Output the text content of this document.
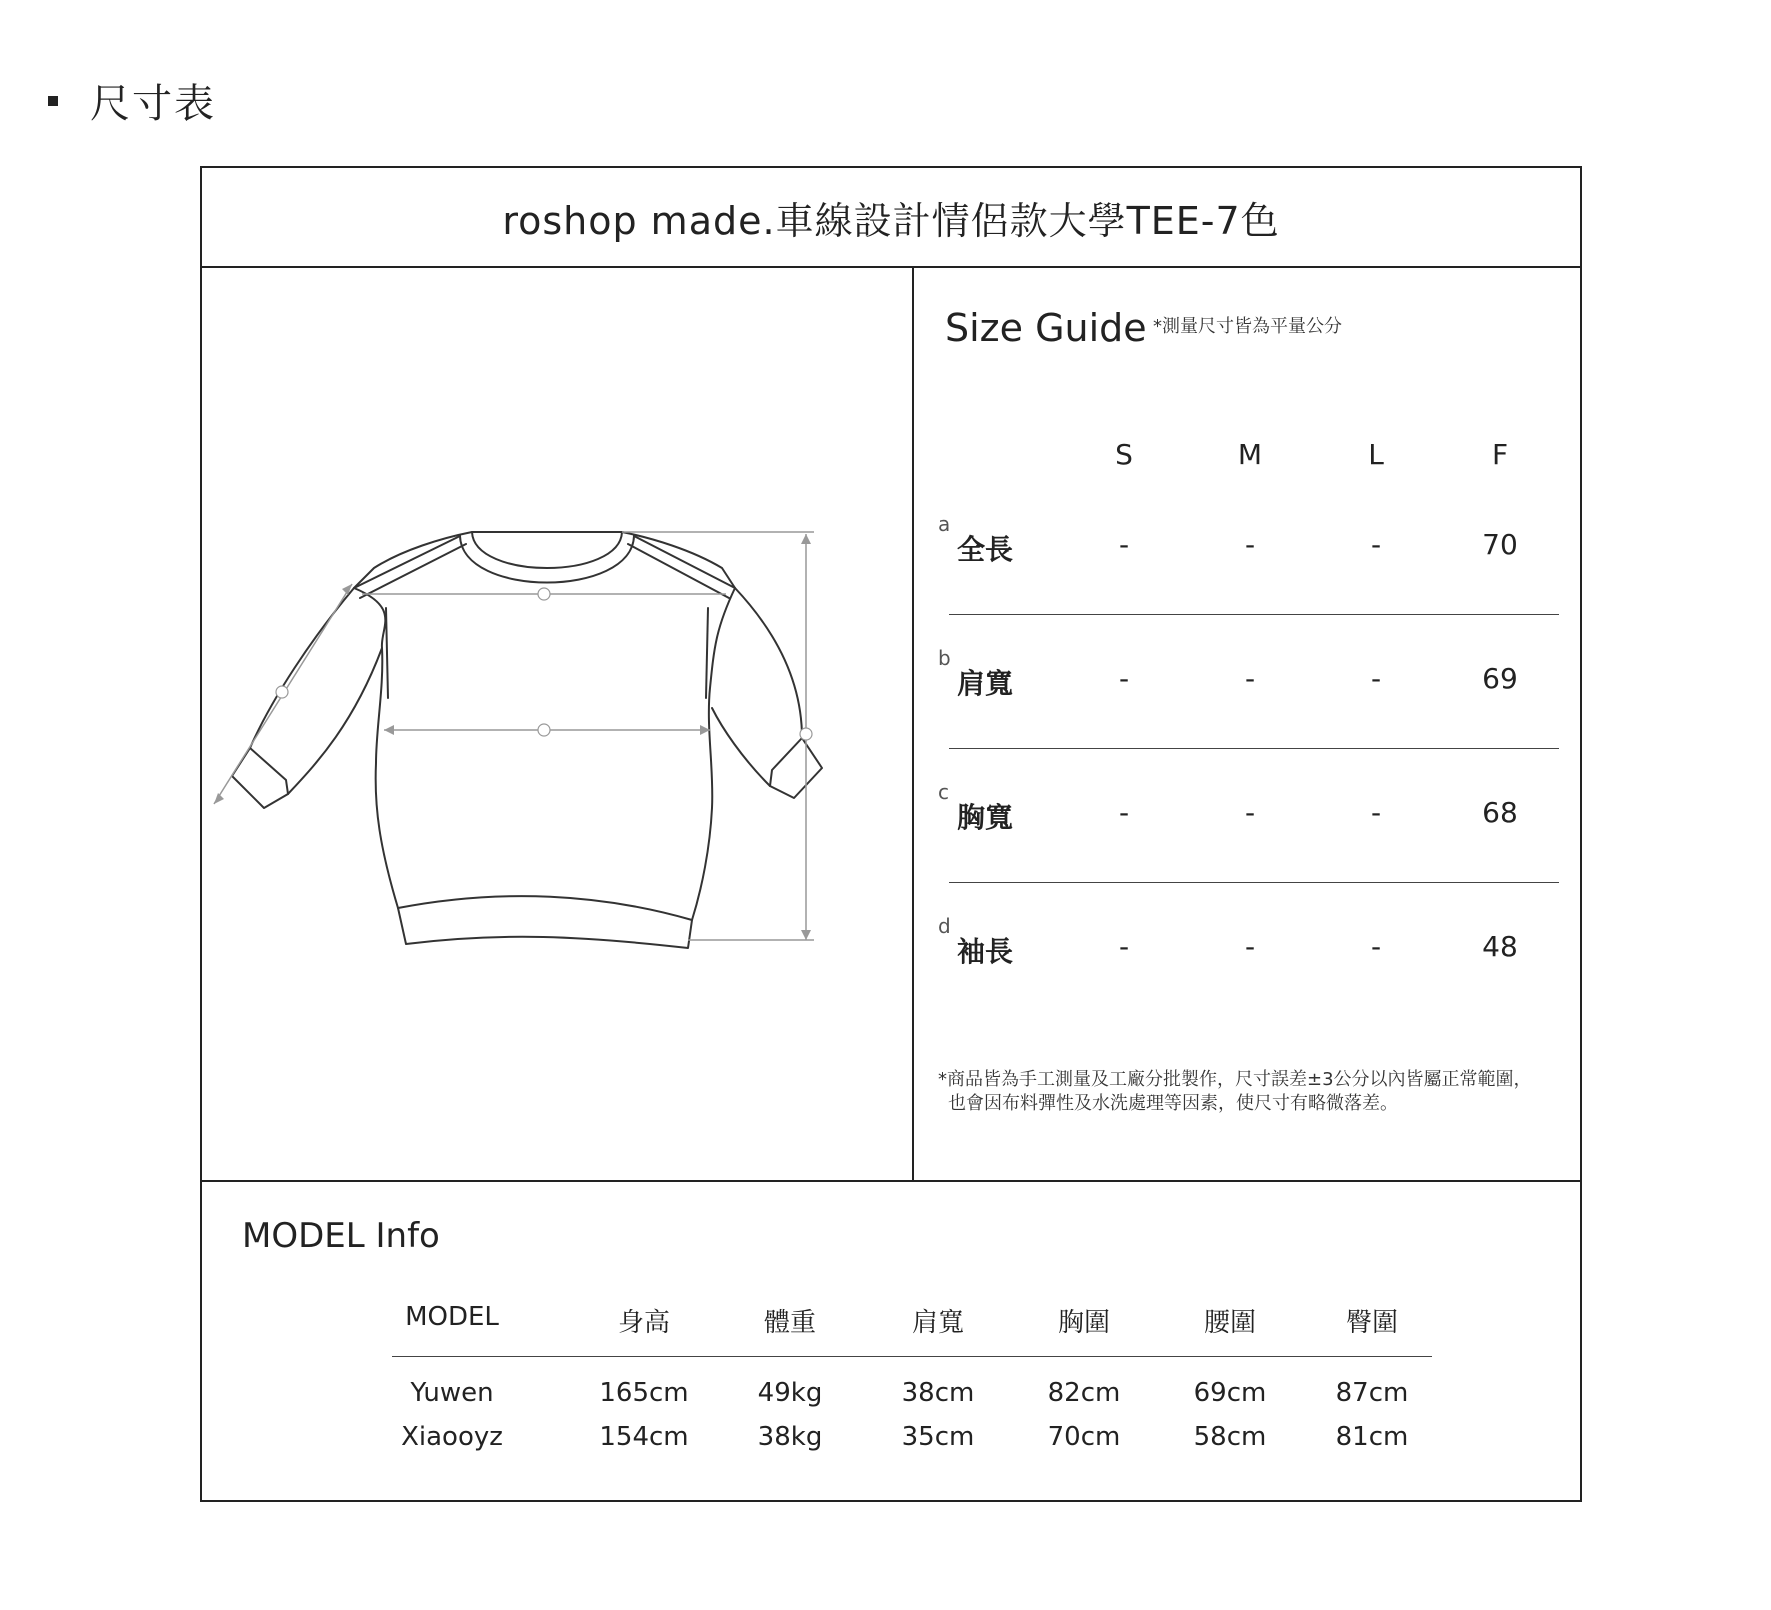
尺寸表
roshop made.車線設計情侶款大學TEE-7色
Size Guide *測量尺寸皆為平量公分
S	M	L	F
a
全長	-	-	-	70
b
肩寬	-	-	-	69
c
胸寬	-	-	-	68
d
袖長	-	-	-	48
*商品皆為手工測量及工廠分批製作，尺寸誤差±3公分以內皆屬正常範圍，
也會因布料彈性及水洗處理等因素，使尺寸有略微落差。
MODEL Info
MODEL	身高	體重	肩寬	胸圍	腰圍	臀圍
Yuwen	165cm	49kg	38cm	82cm	69cm	87cm
Xiaooyz	154cm	38kg	35cm	70cm	58cm	81cm
